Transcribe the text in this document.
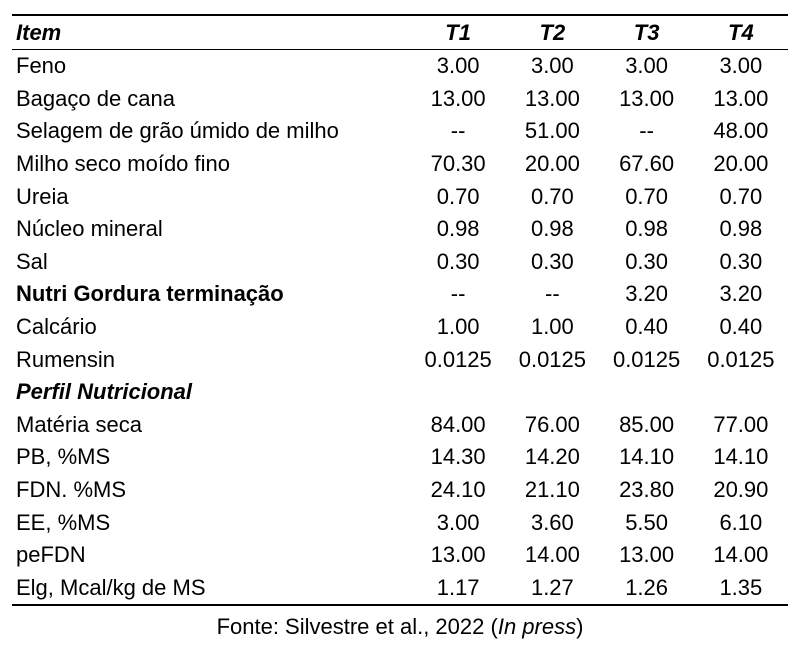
Item	T1	T2	T3	T4
Feno	3.00	3.00	3.00	3.00
Bagaço de cana	13.00	13.00	13.00	13.00
Selagem de grão úmido de milho	--	51.00	--	48.00
Milho seco moído fino	70.30	20.00	67.60	20.00
Ureia	0.70	0.70	0.70	0.70
Núcleo mineral	0.98	0.98	0.98	0.98
Sal	0.30	0.30	0.30	0.30
Nutri Gordura terminação	--	--	3.20	3.20
Calcário	1.00	1.00	0.40	0.40
Rumensin	0.0125	0.0125	0.0125	0.0125
Perfil Nutricional				
Matéria seca	84.00	76.00	85.00	77.00
PB, %MS	14.30	14.20	14.10	14.10
FDN. %MS	24.10	21.10	23.80	20.90
EE, %MS	3.00	3.60	5.50	6.10
peFDN	13.00	14.00	13.00	14.00
Elg, Mcal/kg de MS	1.17	1.27	1.26	1.35
Fonte: Silvestre et al., 2022 (In press)
